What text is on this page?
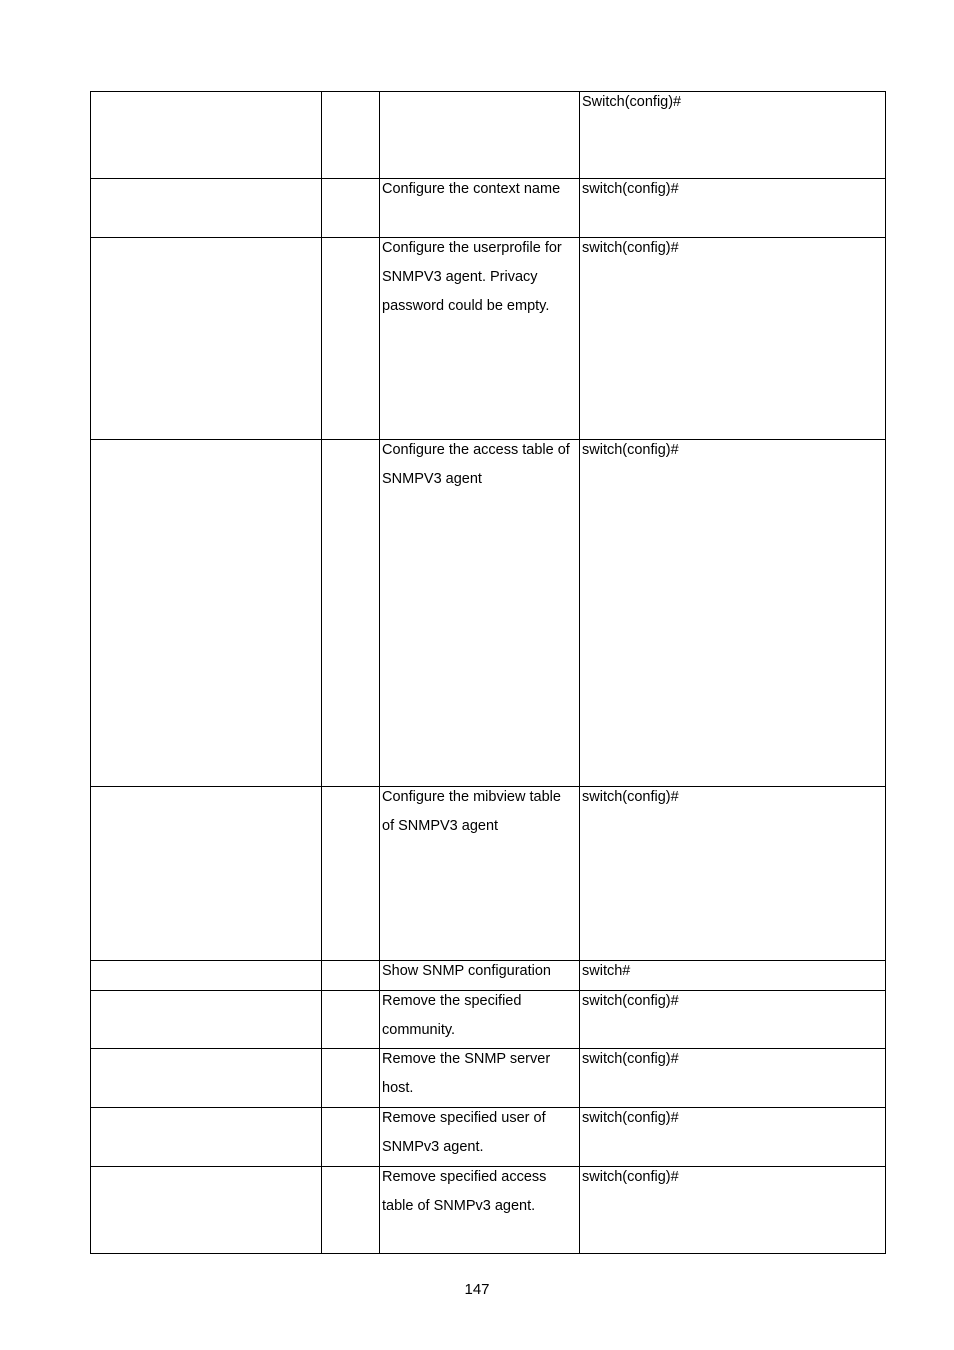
			Switch(config)#

		Configure the context name	switch(config)#

		Configure the userprofile for SNMPV3 agent. Privacy password could be empty.	switch(config)#

		Configure the access table of SNMPV3 agent	switch(config)#

		Configure the mibview table of SNMPV3 agent	switch(config)#

		Show SNMP configuration	switch#

		Remove the specified community.	switch(config)#

		Remove the SNMP server host.	switch(config)#

		Remove specified user of SNMPv3 agent.	switch(config)#

		Remove specified access table of SNMPv3 agent.	switch(config)#
147
